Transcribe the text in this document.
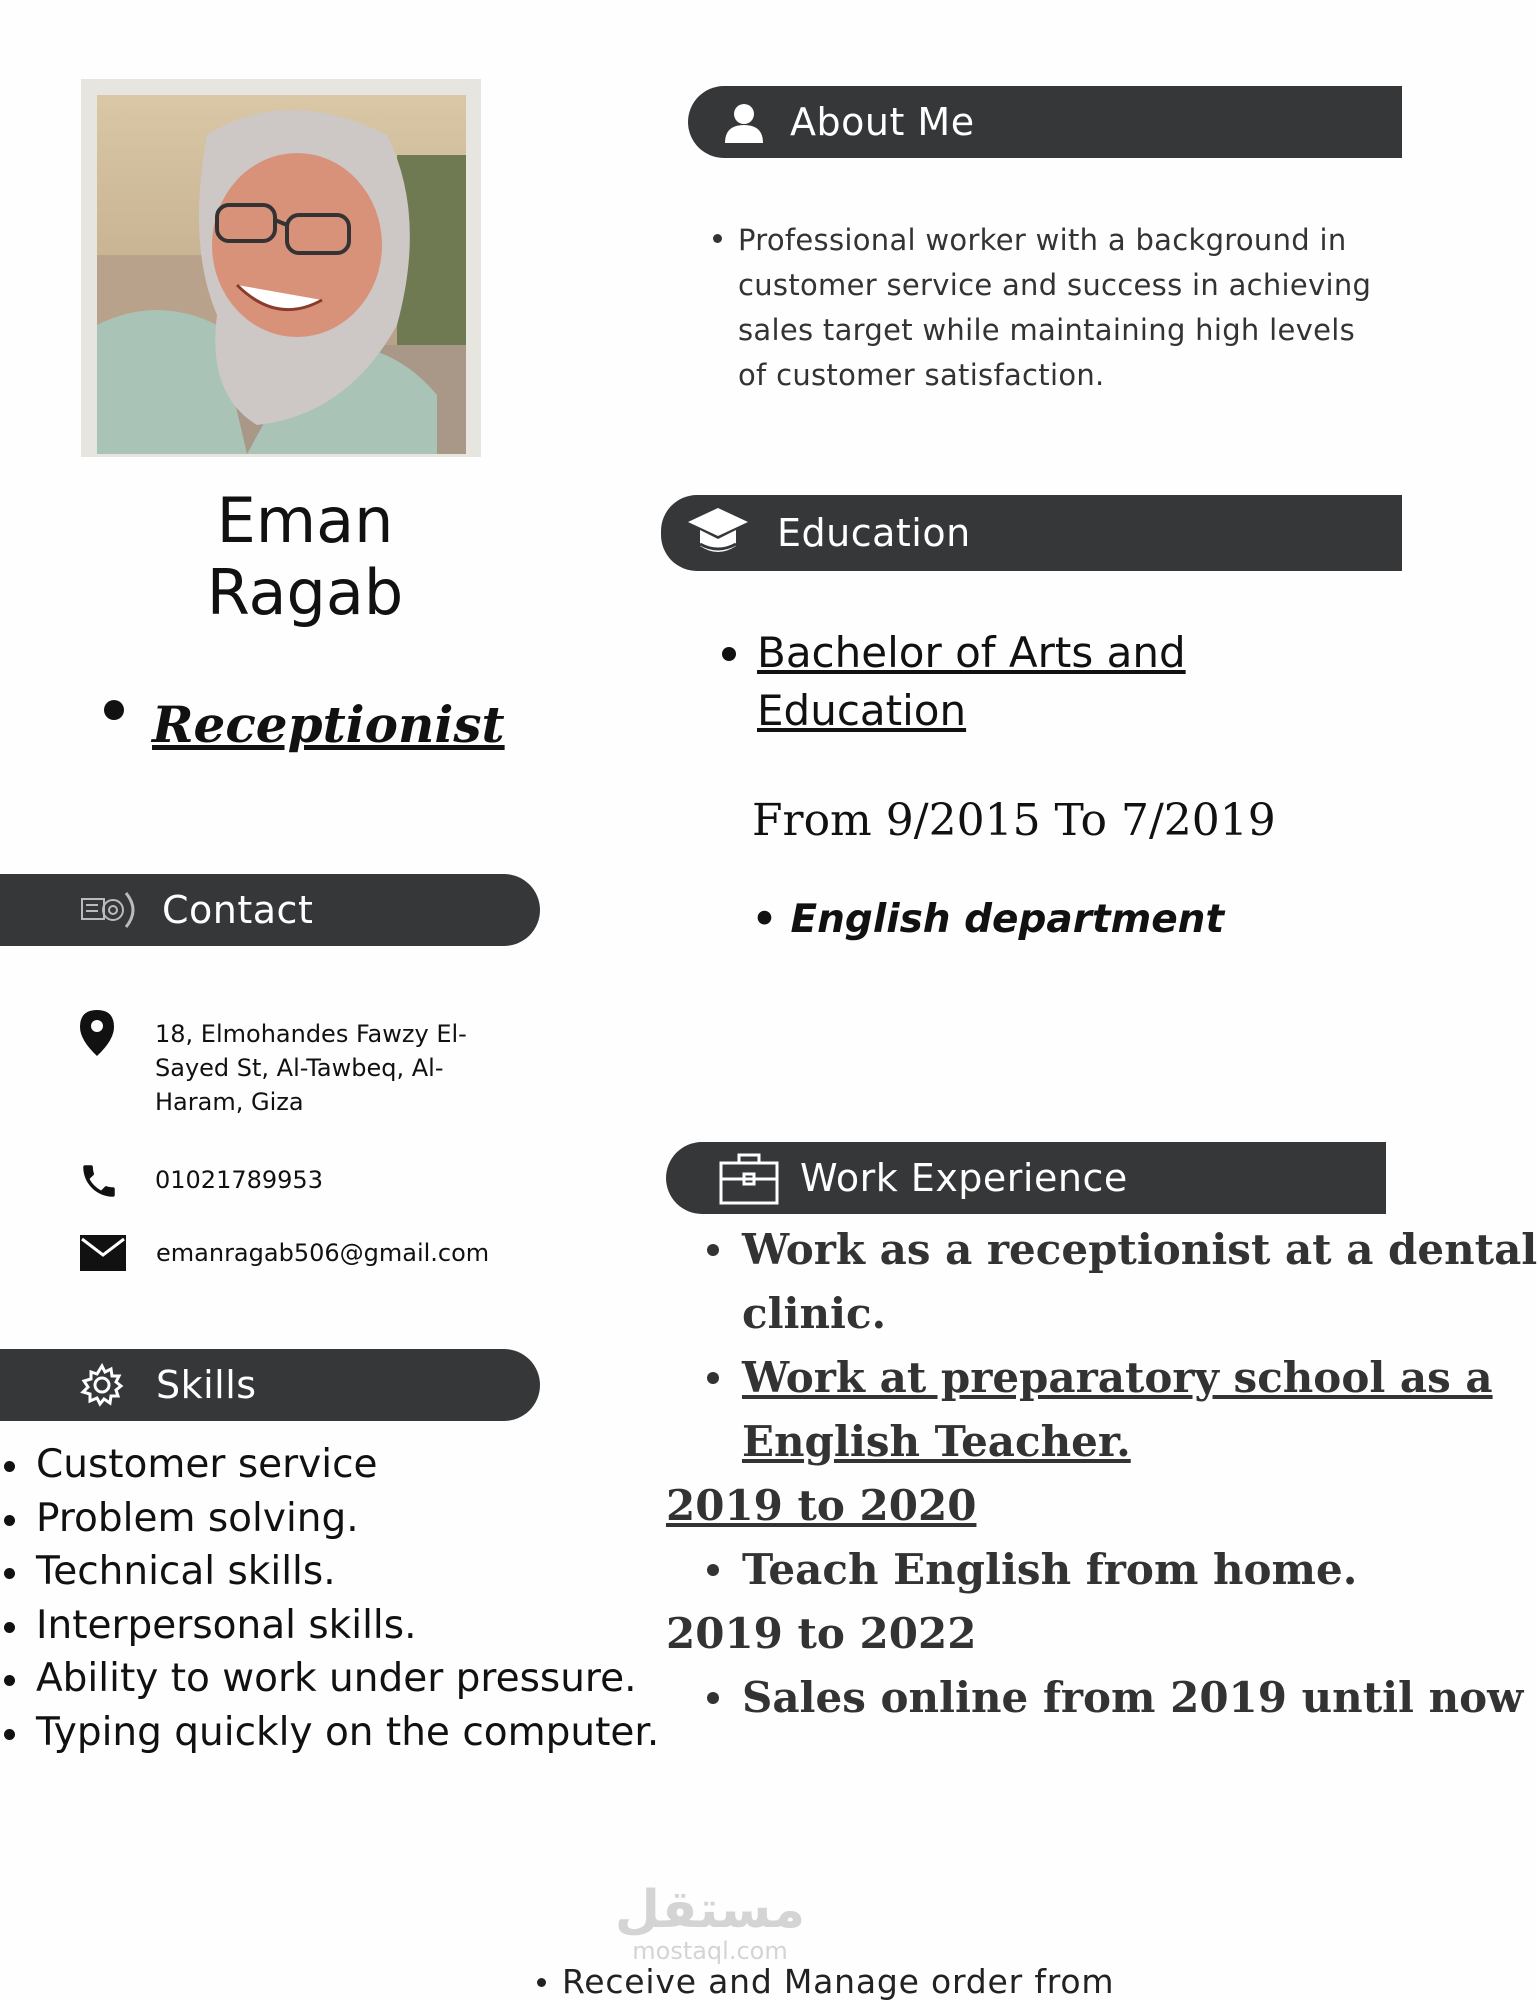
Eman
Ragab
Receptionist
About Me
Professional worker with a background in customer service and success in achieving sales target while maintaining high levels of customer satisfaction.
Education
Bachelor of Arts and
Education
From 9/2015 To 7/2019
• English department
Contact
18, Elmohandes Fawzy El-
Sayed St, Al-Tawbeq, Al-
Haram, Giza
01021789953
emanragab506@gmail.com
Skills
Customer service
Problem solving.
Technical skills.
Interpersonal skills.
Ability to work under pressure.
Typing quickly on the computer.
Work Experience
Work as a receptionist at a dental
clinic.
Work at preparatory school as a
English Teacher.
2019 to 2020
Teach English from home.
2019 to 2022
Sales online from 2019 until now
مستقل
mostaql.com
Receive and Manage order from
